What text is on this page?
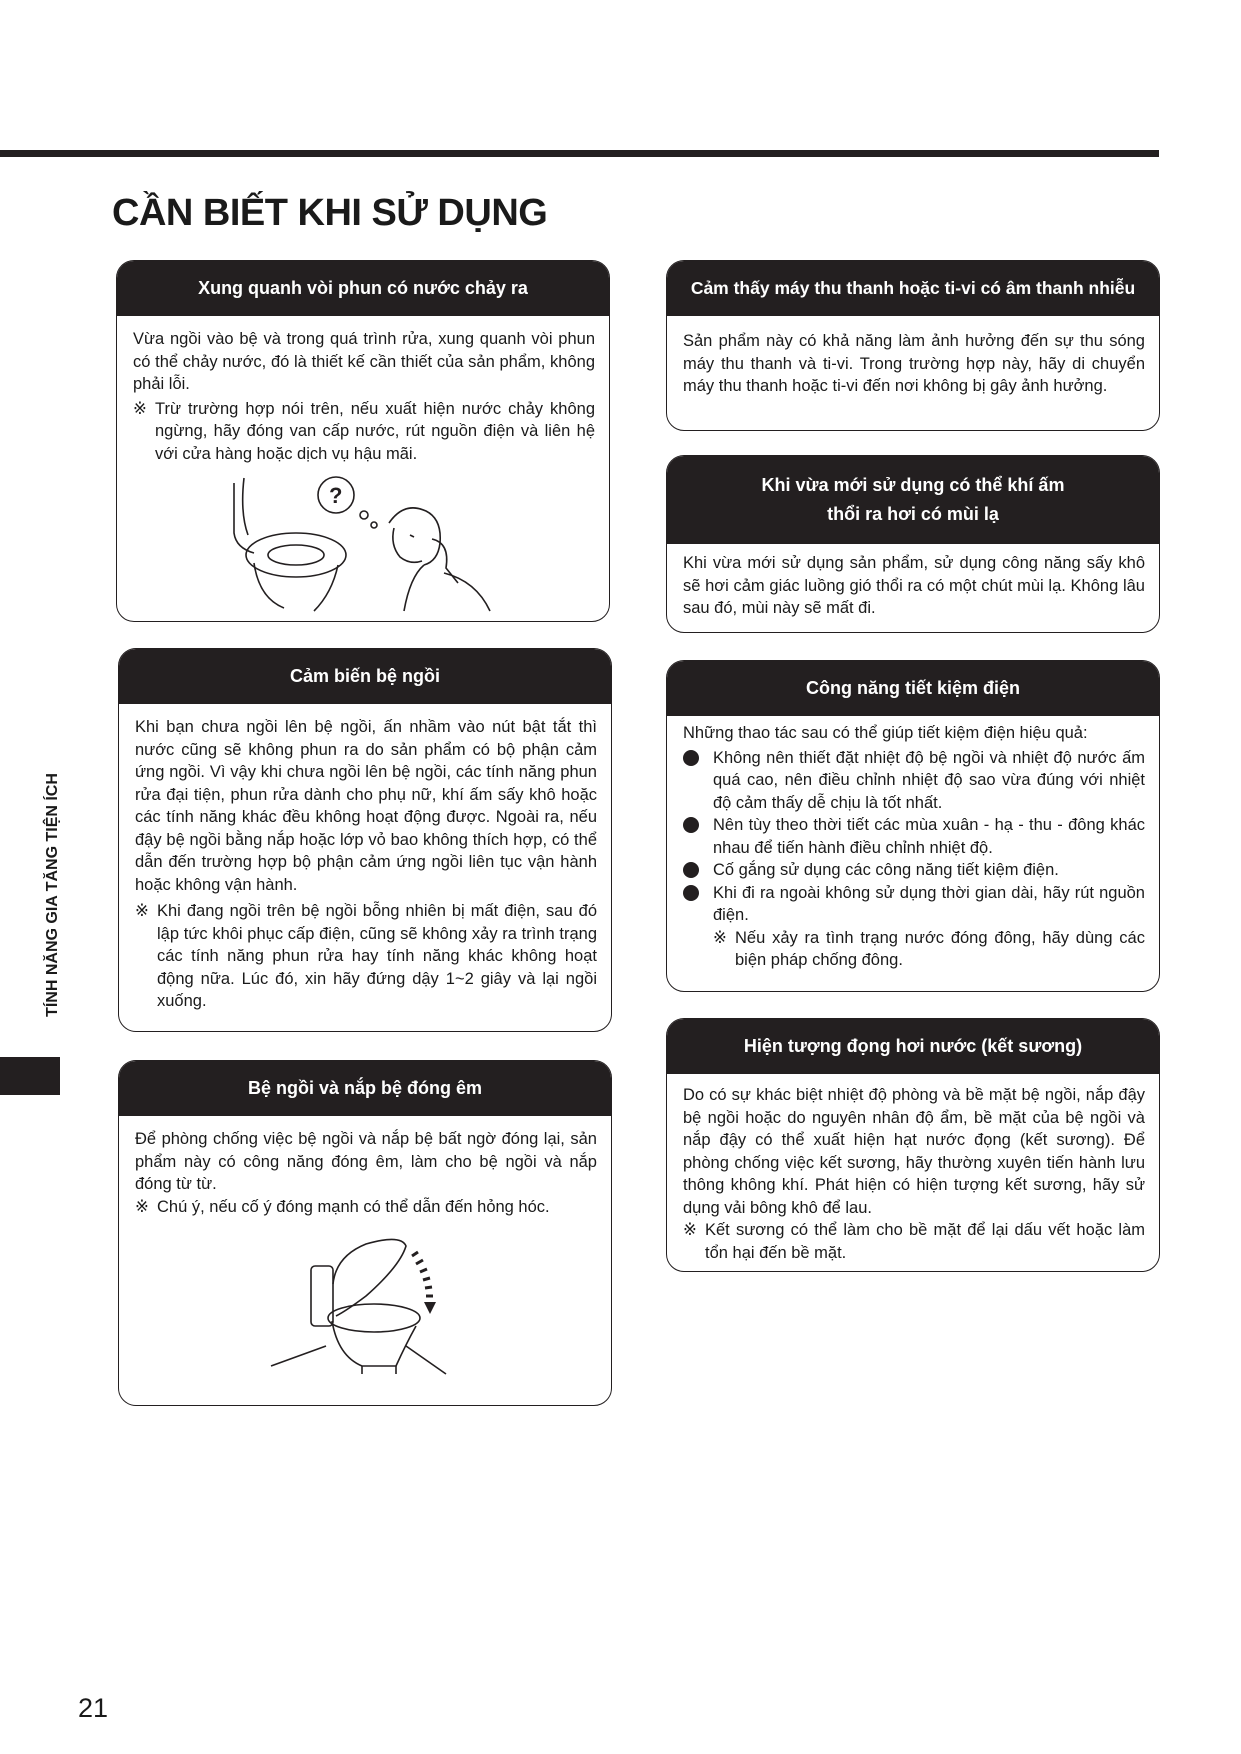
CẦN BIẾT KHI SỬ DỤNG
TÍNH NĂNG GIA TĂNG TIỆN ÍCH
21
Xung quanh vòi phun có nước chảy ra

Vừa ngồi vào bệ và trong quá trình rửa, xung quanh vòi phun có thể chảy nước, đó là thiết kế cần thiết của sản phẩm, không phải lỗi.

※ Trừ trường hợp nói trên, nếu xuất hiện nước chảy không ngừng, hãy đóng van cấp nước, rút nguồn điện và liên hệ với cửa hàng hoặc dịch vụ hậu mãi.
?
Cảm biến bệ ngồi

Khi bạn chưa ngồi lên bệ ngồi, ấn nhầm vào nút bật tắt thì nước cũng sẽ không phun ra do sản phẩm có bộ phận cảm ứng ngồi. Vì vậy khi chưa ngồi lên bệ ngồi, các tính năng phun rửa đại tiện, phun rửa dành cho phụ nữ, khí ấm sấy khô hoặc các tính năng khác đều không hoạt động được. Ngoài ra, nếu đậy bệ ngồi bằng nắp hoặc lớp vỏ bao không thích hợp, có thể dẫn đến trường hợp bộ phận cảm ứng ngồi liên tục vận hành hoặc không vận hành.

※ Khi đang ngồi trên bệ ngồi bỗng nhiên bị mất điện, sau đó lập tức khôi phục cấp điện, cũng sẽ không xảy ra trình trạng các tính năng phun rửa hay tính năng khác không hoạt động nữa. Lúc đó, xin hãy đứng dậy 1~2 giây và lại ngồi xuống.
Bệ ngồi và nắp bệ đóng êm

Để phòng chống việc bệ ngồi và nắp bệ bất ngờ đóng lại, sản phẩm này có công năng đóng êm, làm cho bệ ngồi và nắp đóng từ từ.

※ Chú ý, nếu cố ý đóng mạnh có thể dẫn đến hỏng hóc.
Cảm thấy máy thu thanh hoặc ti-vi có âm thanh nhiễu

Sản phẩm này có khả năng làm ảnh hưởng đến sự thu sóng máy thu thanh và ti-vi. Trong trường hợp này, hãy di chuyển máy thu thanh hoặc ti-vi đến nơi không bị gây ảnh hưởng.

Khi vừa mới sử dụng có thể khí ấm
thổi ra hơi có mùi lạ

Khi vừa mới sử dụng sản phẩm, sử dụng công năng sấy khô sẽ hơi cảm giác luồng gió thổi ra có một chút mùi lạ. Không lâu sau đó, mùi này sẽ mất đi.

Công năng tiết kiệm điện

Những thao tác sau có thể giúp tiết kiệm điện hiệu quả:

Không nên thiết đặt nhiệt độ bệ ngồi và nhiệt độ nước ấm quá cao, nên điều chỉnh nhiệt độ sao vừa đúng với nhiệt độ cảm thấy dễ chịu là tốt nhất.
Nên tùy theo thời tiết các mùa xuân - hạ - thu - đông khác nhau để tiến hành điều chỉnh nhiệt độ.
Cố gắng sử dụng các công năng tiết kiệm điện.
Khi đi ra ngoài không sử dụng thời gian dài, hãy rút nguồn điện.
※ Nếu xảy ra tình trạng nước đóng đông, hãy dùng các biện pháp chống đông.
Hiện tượng đọng hơi nước (kết sương)

Do có sự khác biệt nhiệt độ phòng và bề mặt bệ ngồi, nắp đậy bệ ngồi hoặc do nguyên nhân độ ẩm, bề mặt của bệ ngồi và nắp đậy có thể xuất hiện hạt nước đọng (kết sương). Để phòng chống việc kết sương, hãy thường xuyên tiến hành lưu thông không khí. Phát hiện có hiện tượng kết sương, hãy sử dụng vải bông khô để lau.

※ Kết sương có thể làm cho bề mặt để lại dấu vết hoặc làm tổn hại đến bề mặt.
